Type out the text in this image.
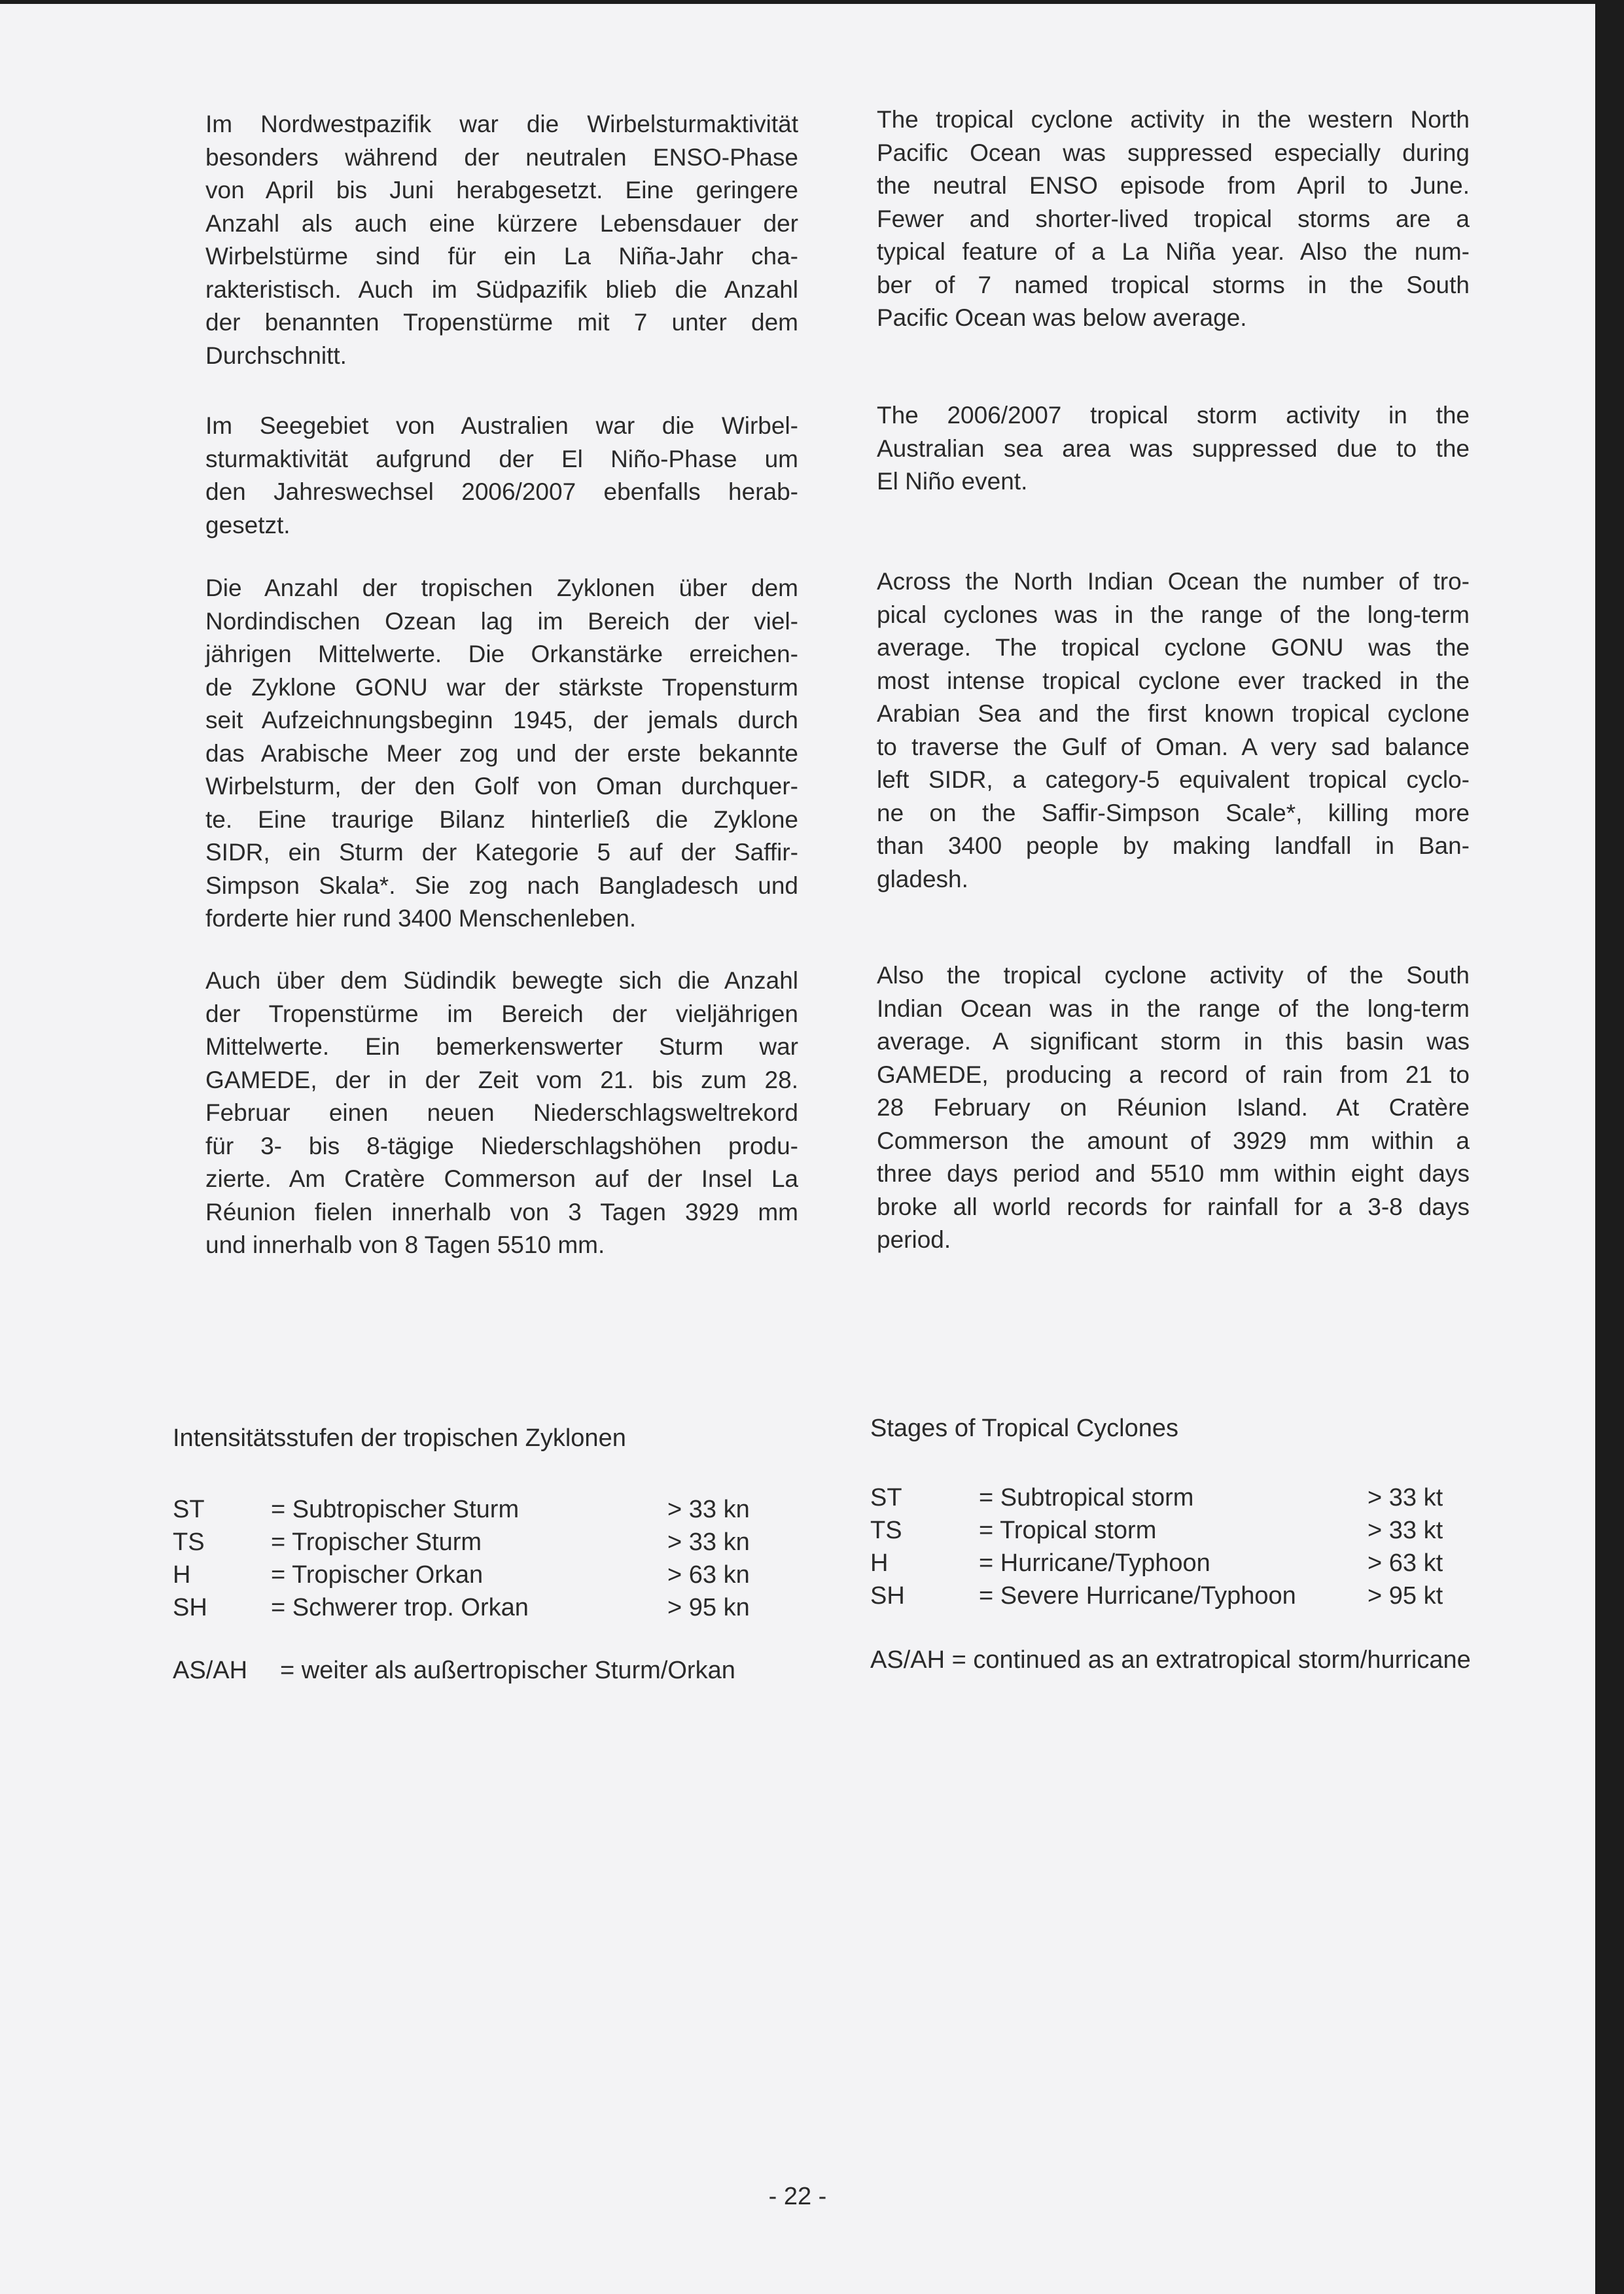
Im Nordwestpazifik war die Wirbelsturmaktivität
besonders während der neutralen ENSO-Phase
von April bis Juni herabgesetzt. Eine geringere
Anzahl als auch eine kürzere Lebensdauer der
Wirbelstürme sind für ein La Niña-Jahr cha-
rakteristisch. Auch im Südpazifik blieb die Anzahl
der benannten Tropenstürme mit 7 unter dem
Durchschnitt.
Im Seegebiet von Australien war die Wirbel-
sturmaktivität aufgrund der El Niño-Phase um
den Jahreswechsel 2006/2007 ebenfalls herab-
gesetzt.
Die Anzahl der tropischen Zyklonen über dem
Nordindischen Ozean lag im Bereich der viel-
jährigen Mittelwerte. Die Orkanstärke erreichen-
de Zyklone GONU war der stärkste Tropensturm
seit Aufzeichnungsbeginn 1945, der jemals durch
das Arabische Meer zog und der erste bekannte
Wirbelsturm, der den Golf von Oman durchquer-
te. Eine traurige Bilanz hinterließ die Zyklone
SIDR, ein Sturm der Kategorie 5 auf der Saffir-
Simpson Skala*. Sie zog nach Bangladesch und
forderte hier rund 3400 Menschenleben.
Auch über dem Südindik bewegte sich die Anzahl
der Tropenstürme im Bereich der vieljährigen
Mittelwerte. Ein bemerkenswerter Sturm war
GAMEDE, der in der Zeit vom 21. bis zum 28.
Februar einen neuen Niederschlagsweltrekord
für 3- bis 8-tägige Niederschlagshöhen produ-
zierte. Am Cratère Commerson auf der Insel La
Réunion fielen innerhalb von 3 Tagen 3929 mm
und innerhalb von 8 Tagen 5510 mm.
The tropical cyclone activity in the western North
Pacific Ocean was suppressed especially during
the neutral ENSO episode from April to June.
Fewer and shorter-lived tropical storms are a
typical feature of a La Niña year. Also the num-
ber of 7 named tropical storms in the South
Pacific Ocean was below average.
The 2006/2007 tropical storm activity in the
Australian sea area was suppressed due to the
El Niño event.
Across the North Indian Ocean the number of tro-
pical cyclones was in the range of the long-term
average. The tropical cyclone GONU was the
most intense tropical cyclone ever tracked in the
Arabian Sea and the first known tropical cyclone
to traverse the Gulf of Oman. A very sad balance
left SIDR, a category-5 equivalent tropical cyclo-
ne on the Saffir-Simpson Scale*, killing more
than 3400 people by making landfall in Ban-
gladesh.
Also the tropical cyclone activity of the South
Indian Ocean was in the range of the long-term
average. A significant storm in this basin was
GAMEDE, producing a record of rain from 21 to
28 February on Réunion Island. At Cratère
Commerson the amount of 3929 mm within a
three days period and 5510 mm within eight days
broke all world records for rainfall for a 3-8 days
period.
Intensitätsstufen der tropischen Zyklonen
ST	= Subtropischer Sturm	> 33 kn
TS	= Tropischer Sturm	> 33 kn
H	= Tropischer Orkan	> 63 kn
SH	= Schwerer trop. Orkan	> 95 kn
AS/AH = weiter als außertropischer Sturm/Orkan
Stages of Tropical Cyclones
ST	= Subtropical storm	> 33 kt
TS	= Tropical storm	> 33 kt
H	= Hurricane/Typhoon	> 63 kt
SH	= Severe Hurricane/Typhoon	> 95 kt
AS/AH = continued as an extratropical storm/hurricane
- 22 -
